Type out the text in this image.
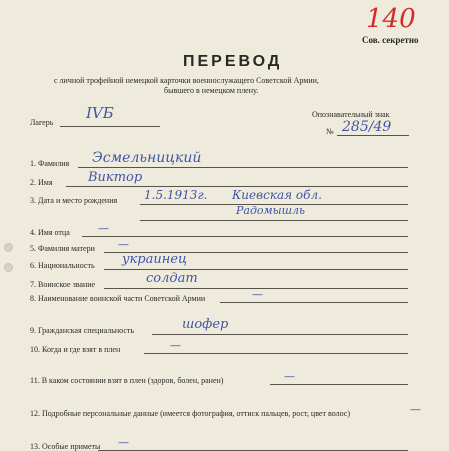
140
Сов. секретно
ПЕРЕВОД
с личной трофейной немецкой карточки военнослужащего Советской Армии,
бывшего в немецком плену.
Лагерь
IVБ	Опознавательный знак
№ 285/49
1. Фамилия Эсмельницкий
2. Имя	Виктор
3. Дата и место рождения 1.5.1913г. Киевская обл.
Радомышль
4. Имя отца	—
5. Фамилия матери —
6. Национальность украинец
7. Воинское звание	солдат
8. Наименование воинской части Советской Армии	—
9. Гражданская специальность	шофер
10. Когда и где взят в плен	—
11. В каком состоянии взят в плен (здоров, болен, ранен)	—
12. Подробные персональные данные (имеется фотография, оттиск пальцев, рост, цвет волос)	—
13. Особые приметы —
